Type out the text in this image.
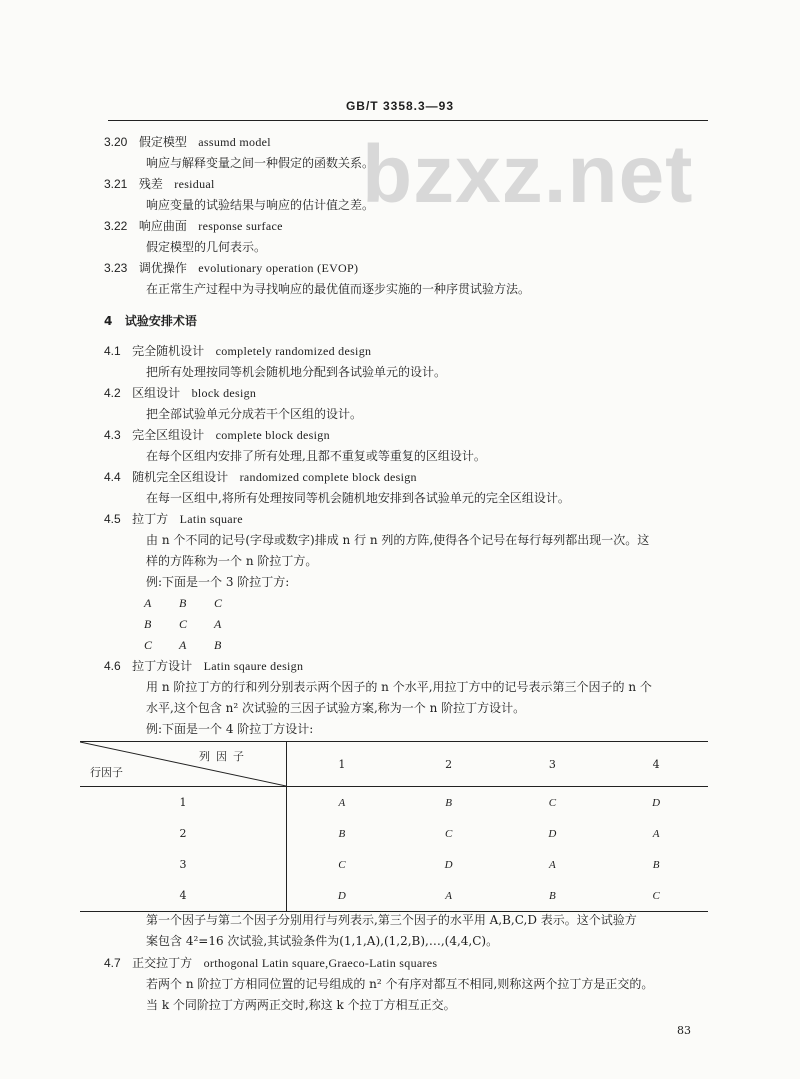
GB/T 3358.3—93
bzxz.net
3.20 假定模型 assumd model
响应与解释变量之间一种假定的函数关系。
3.21 残差 residual
响应变量的试验结果与响应的估计值之差。
3.22 响应曲面 response surface
假定模型的几何表示。
3.23 调优操作 evolutionary operation (EVOP)
在正常生产过程中为寻找响应的最优值而逐步实施的一种序贯试验方法。
4 试验安排术语
4.1 完全随机设计 completely randomized design
把所有处理按同等机会随机地分配到各试验单元的设计。
4.2 区组设计 block design
把全部试验单元分成若干个区组的设计。
4.3 完全区组设计 complete block design
在每个区组内安排了所有处理,且都不重复或等重复的区组设计。
4.4 随机完全区组设计 randomized complete block design
在每一区组中,将所有处理按同等机会随机地安排到各试验单元的完全区组设计。
4.5 拉丁方 Latin square
由 n 个不同的记号(字母或数字)排成 n 行 n 列的方阵,使得各个记号在每行每列都出现一次。这
样的方阵称为一个 n 阶拉丁方。
例:下面是一个 3 阶拉丁方:
A B C
B C A
C A B
4.6 拉丁方设计 Latin sqaure design
用 n 阶拉丁方的行和列分别表示两个因子的 n 个水平,用拉丁方中的记号表示第三个因子的 n 个
水平,这个包含 n² 次试验的三因子试验方案,称为一个 n 阶拉丁方设计。
例:下面是一个 4 阶拉丁方设计:
列因子
行因子	1	2	3	4
1	A	B	C	D
2	B	C	D	A
3	C	D	A	B
4	D	A	B	C
第一个因子与第二个因子分别用行与列表示,第三个因子的水平用 A,B,C,D 表示。这个试验方
案包含 4²=16 次试验,其试验条件为(1,1,A),(1,2,B),…,(4,4,C)。
4.7 正交拉丁方 orthogonal Latin square,Graeco-Latin squares
若两个 n 阶拉丁方相同位置的记号组成的 n² 个有序对都互不相同,则称这两个拉丁方是正交的。
当 k 个同阶拉丁方两两正交时,称这 k 个拉丁方相互正交。
83
